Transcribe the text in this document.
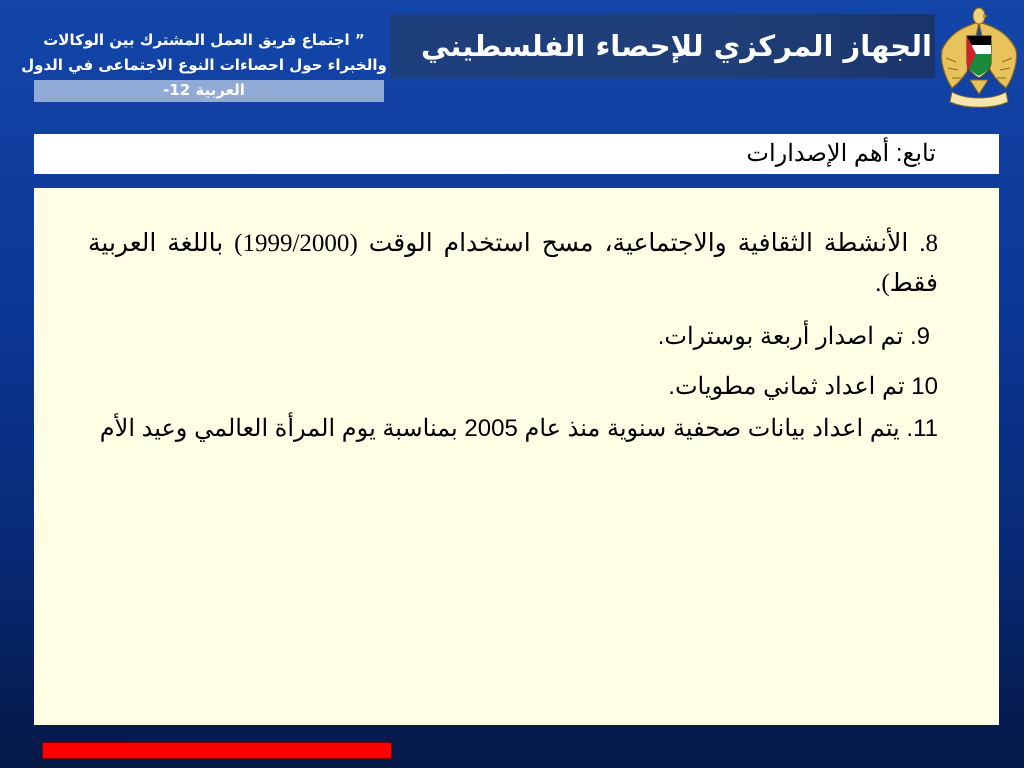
الجهاز المركزي للإحصاء الفلسطيني
” اجتماع فريق العمل المشترك بين الوكالات والخبراء حول احصاءات النوع الاجتماعى في الدول العربية 12-
تابع: أهم الإصدارات
8. الأنشطة الثقافية والاجتماعية، مسح استخدام الوقت (1999/2000) باللغة العربية فقط).
9. تم اصدار أربعة بوسترات.
10 تم اعداد ثماني مطويات.
11. يتم اعداد بيانات صحفية سنوية منذ عام 2005 بمناسبة يوم المرأة العالمي وعيد الأم
